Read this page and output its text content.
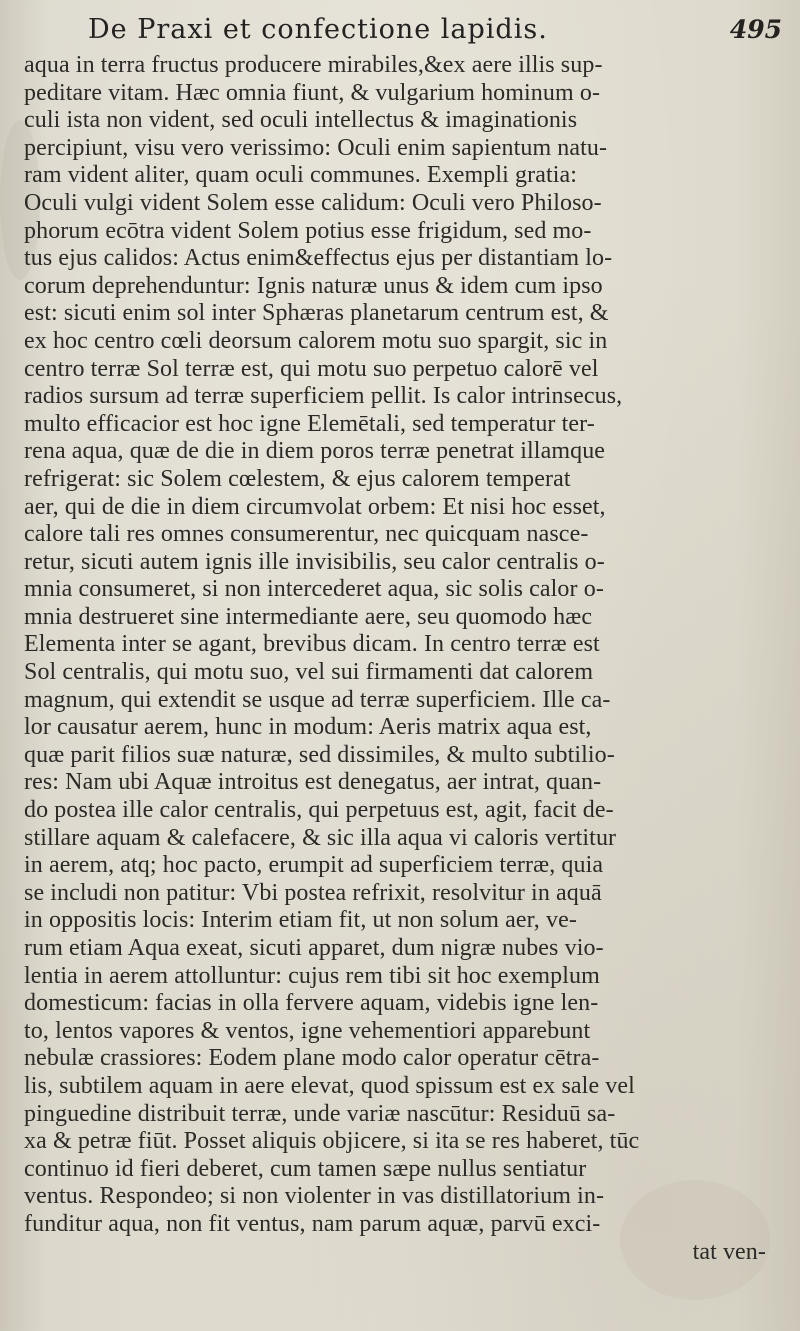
De Praxi et confectione lapidis.	495
aqua in terra fructus producere mirabiles,&ex aere illis sup-
peditare vitam. Hæc omnia fiunt, & vulgarium hominum o-
culi ista non vident, sed oculi intellectus & imaginationis
percipiunt, visu vero verissimo: Oculi enim sapientum natu-
ram vident aliter, quam oculi communes. Exempli gratia:
Oculi vulgi vident Solem esse calidum: Oculi vero Philoso-
phorum ecōtra vident Solem potius esse frigidum, sed mo-
tus ejus calidos: Actus enim&effectus ejus per distantiam lo-
corum deprehenduntur: Ignis naturæ unus & idem cum ipso
est: sicuti enim sol inter Sphæras planetarum centrum est, &
ex hoc centro cœli deorsum calorem motu suo spargit, sic in
centro terræ Sol terræ est, qui motu suo perpetuo calorē vel
radios sursum ad terræ superficiem pellit. Is calor intrinsecus,
multo efficacior est hoc igne Elemētali, sed temperatur ter-
rena aqua, quæ de die in diem poros terræ penetrat illamque
refrigerat: sic Solem cœlestem, & ejus calorem temperat
aer, qui de die in diem circumvolat orbem: Et nisi hoc esset,
calore tali res omnes consumerentur, nec quicquam nasce-
retur, sicuti autem ignis ille invisibilis, seu calor centralis o-
mnia consumeret, si non intercederet aqua, sic solis calor o-
mnia destrueret sine intermediante aere, seu quomodo hæc
Elementa inter se agant, brevibus dicam. In centro terræ est
Sol centralis, qui motu suo, vel sui firmamenti dat calorem
magnum, qui extendit se usque ad terræ superficiem. Ille ca-
lor causatur aerem, hunc in modum: Aeris matrix aqua est,
quæ parit filios suæ naturæ, sed dissimiles, & multo subtilio-
res: Nam ubi Aquæ introitus est denegatus, aer intrat, quan-
do postea ille calor centralis, qui perpetuus est, agit, facit de-
stillare aquam & calefacere, & sic illa aqua vi caloris vertitur
in aerem, atq; hoc pacto, erumpit ad superficiem terræ, quia
se includi non patitur: Vbi postea refrixit, resolvitur in aquā
in oppositis locis: Interim etiam fit, ut non solum aer, ve-
rum etiam Aqua exeat, sicuti apparet, dum nigræ nubes vio-
lentia in aerem attolluntur: cujus rem tibi sit hoc exemplum
domesticum: facias in olla fervere aquam, videbis igne len-
to, lentos vapores & ventos, igne vehementiori apparebunt
nebulæ crassiores: Eodem plane modo calor operatur cētra-
lis, subtilem aquam in aere elevat, quod spissum est ex sale vel
pinguedine distribuit terræ, unde variæ nascūtur: Residuū sa-
xa & petræ fiūt. Posset aliquis objicere, si ita se res haberet, tūc
continuo id fieri deberet, cum tamen sæpe nullus sentiatur
ventus. Respondeo; si non violenter in vas distillatorium in-
funditur aqua, non fit ventus, nam parum aquæ, parvū exci-
tat ven-
